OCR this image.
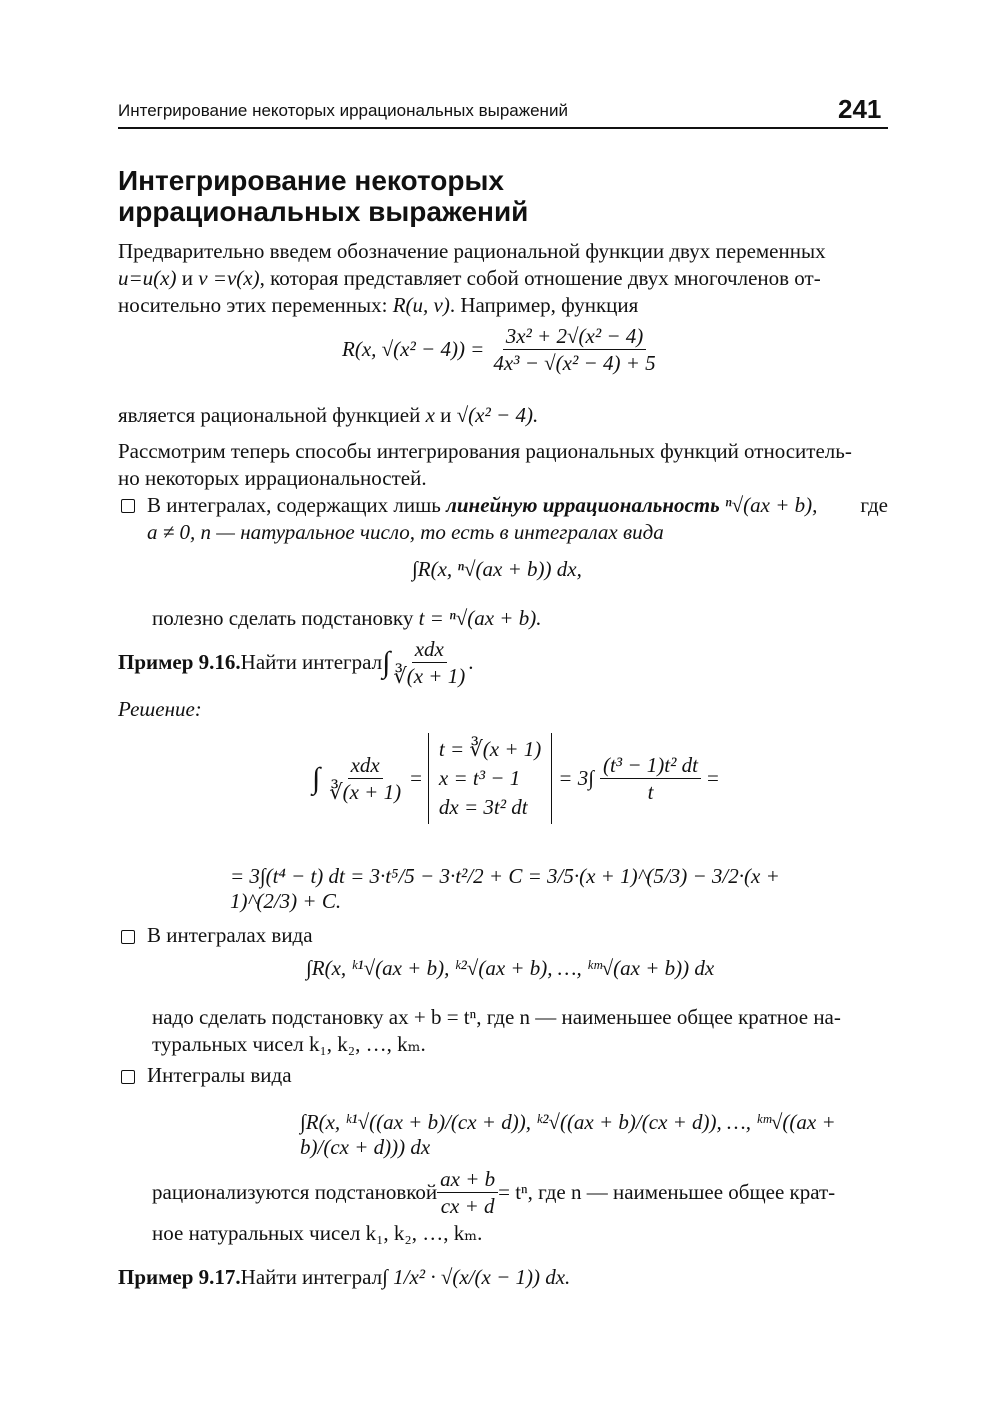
Интегрирование некоторых иррациональных выражений	241
Интегрирование некоторых
иррациональных выражений
Предварительно введем обозначение рациональной функции двух переменных
u=u(x) и v =v(x), которая представляет собой отношение двух многочленов от-
носительно этих переменных: R(u, v). Например, функция
R(x, $√(x^2 - 4)) = \frac{\text{3x² + 2√(x² − 4)}}{\text{4x³ − √(x² − 4) + 5}}$
является рациональной функцией x и √(x² − 4).
Рассмотрим теперь способы интегрирования рациональных функций относитель-
но некоторых иррациональностей.
В интегралах, содержащих лишь линейную иррациональность ⁿ√(ax + b), где
a ≠ 0, n — натуральное число, то есть в интегралах вида
∫R(x, ⁿ√(ax + b)) dx,
полезно сделать подстановку t = ⁿ√(ax + b).
Пример 9.16. Найти интеграл ∫ $\frac{\text{xdx}}{∛(x + 1)}$ .
Решение:
∫ $\frac{\text{xdx}}{∛(x + 1)}$ =
t = ∛(x + 1)
x = t³ − 1
dx = 3t² dt
= $3\int \frac{\text{(t³ − 1)t² dt}}{t}$ =
= 3∫(t⁴ − t) dt = 3·t⁵/5 − 3·t²/2 + C = 3/5·(x + 1)^(5/3) − 3/2·(x + 1)^(2/3) + C.
В интегралах вида
∫R(x, ᵏ¹√(ax + b), ᵏ²√(ax + b), …, ᵏᵐ√(ax + b)) dx
надо сделать подстановку ax + b = tⁿ, где n — наименьшее общее кратное на-
туральных чисел k₁, k₂, …, kₘ.
Интегралы вида
∫R(x, ᵏ¹√((ax + b)/(cx + d)), ᵏ²√((ax + b)/(cx + d)), …, ᵏᵐ√((ax + b)/(cx + d))) dx
рационализуются подстановкой $\frac{ax + b}{cx + d} = t^n$, где n — наименьшее общее крат-
ное натуральных чисел k₁, k₂, …, kₘ.
Пример 9.17. Найти интеграл ∫ 1/x² · √(x/(x − 1)) dx.
